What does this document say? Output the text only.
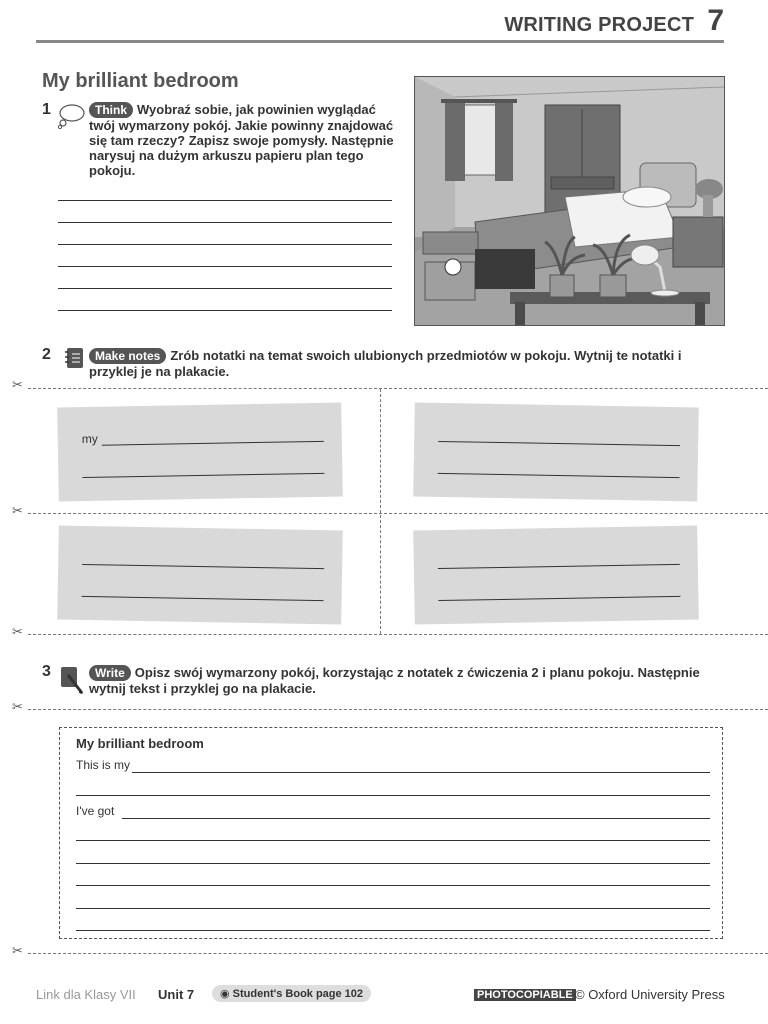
WRITING PROJECT 7
My brilliant bedroom
1	Think Wyobraź sobie, jak powinien wyglądać twój wymarzony pokój. Jakie powinny znajdować się tam rzeczy? Zapisz swoje pomysły. Następnie narysuj na dużym arkuszu papieru plan tego pokoju.
2	Make notes Zrób notatki na temat swoich ulubionych przedmiotów w pokoju. Wytnij te notatki i przyklej je na plakacie.
✂
✂
✂
my
3	Write Opisz swój wymarzony pokój, korzystając z notatek z ćwiczenia 2 i planu pokoju. Następnie wytnij tekst i przyklej go na plakacie.
✂
My brilliant bedroom
This is my
I've got
✂
Link dla Klasy VII Unit 7	◉ Student's Book page 102	PHOTOCOPIABLE © Oxford University Press
